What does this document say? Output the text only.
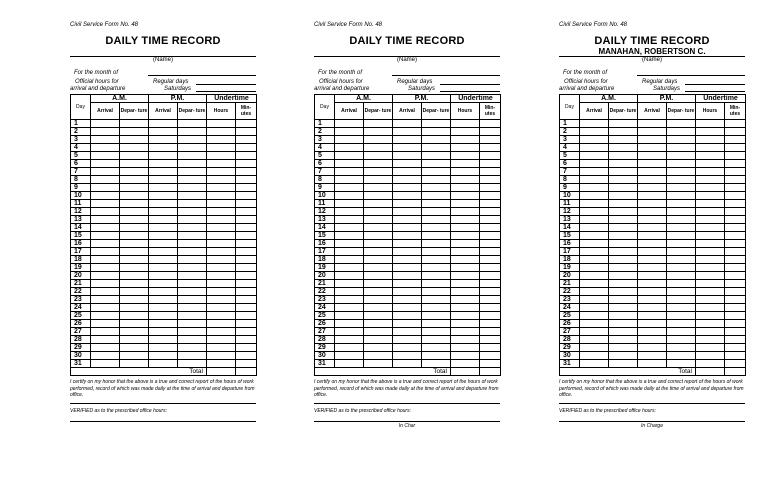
Civil Service Form No. 48
DAILY TIME RECORD
(Name)
For the month of
Official hours for
arrival and departure
Regular days
Saturdays
Day	A.M.		P.M.		Undertime	
	Arrival	Depar- ture	Arrival	Depar- ture	Hours	Min- utes
1						
2						
3						
4						
5						
6						
7						
8						
9						
10						
11						
12						
13						
14						
15						
16						
17						
18						
19						
20						
21						
22						
23						
24						
25						
26						
27						
28						
29						
30						
31						
Total						
I certify on my honor that the above is a true and correct report of the hours of work performed, record of which was made daily at the time of arrival and departure from office.
VERIFIED as to the prescribed office hours:
Civil Service Form No. 48
DAILY TIME RECORD
(Name)
For the month of
Official hours for
arrival and departure
Regular days
Saturdays
Day	A.M.		P.M.		Undertime	
	Arrival	Depar- ture	Arrival	Depar- ture	Hours	Min- utes
1						
2						
3						
4						
5						
6						
7						
8						
9						
10						
11						
12						
13						
14						
15						
16						
17						
18						
19						
20						
21						
22						
23						
24						
25						
26						
27						
28						
29						
30						
31						
Total						
I certify on my honor that the above is a true and correct report of the hours of work performed, record of which was made daily at the time of arrival and departure from office.
VERIFIED as to the prescribed office hours:
In Char
Civil Service Form No. 48
DAILY TIME RECORD
MANAHAN, ROBERTSON C.
(Name)
For the month of
Official hours for
arrival and departure
Regular days
Saturdays
Day	A.M.		P.M.		Undertime	
	Arrival	Depar- ture	Arrival	Depar- ture	Hours	Min- utes
1						
2						
3						
4						
5						
6						
7						
8						
9						
10						
11						
12						
13						
14						
15						
16						
17						
18						
19						
20						
21						
22						
23						
24						
25						
26						
27						
28						
29						
30						
31						
Total						
I certify on my honor that the above is a true and correct report of the hours of work performed, record of which was made daily at the time of arrival and departure from office.
VERIFIED as to the prescribed office hours:
In Charge
